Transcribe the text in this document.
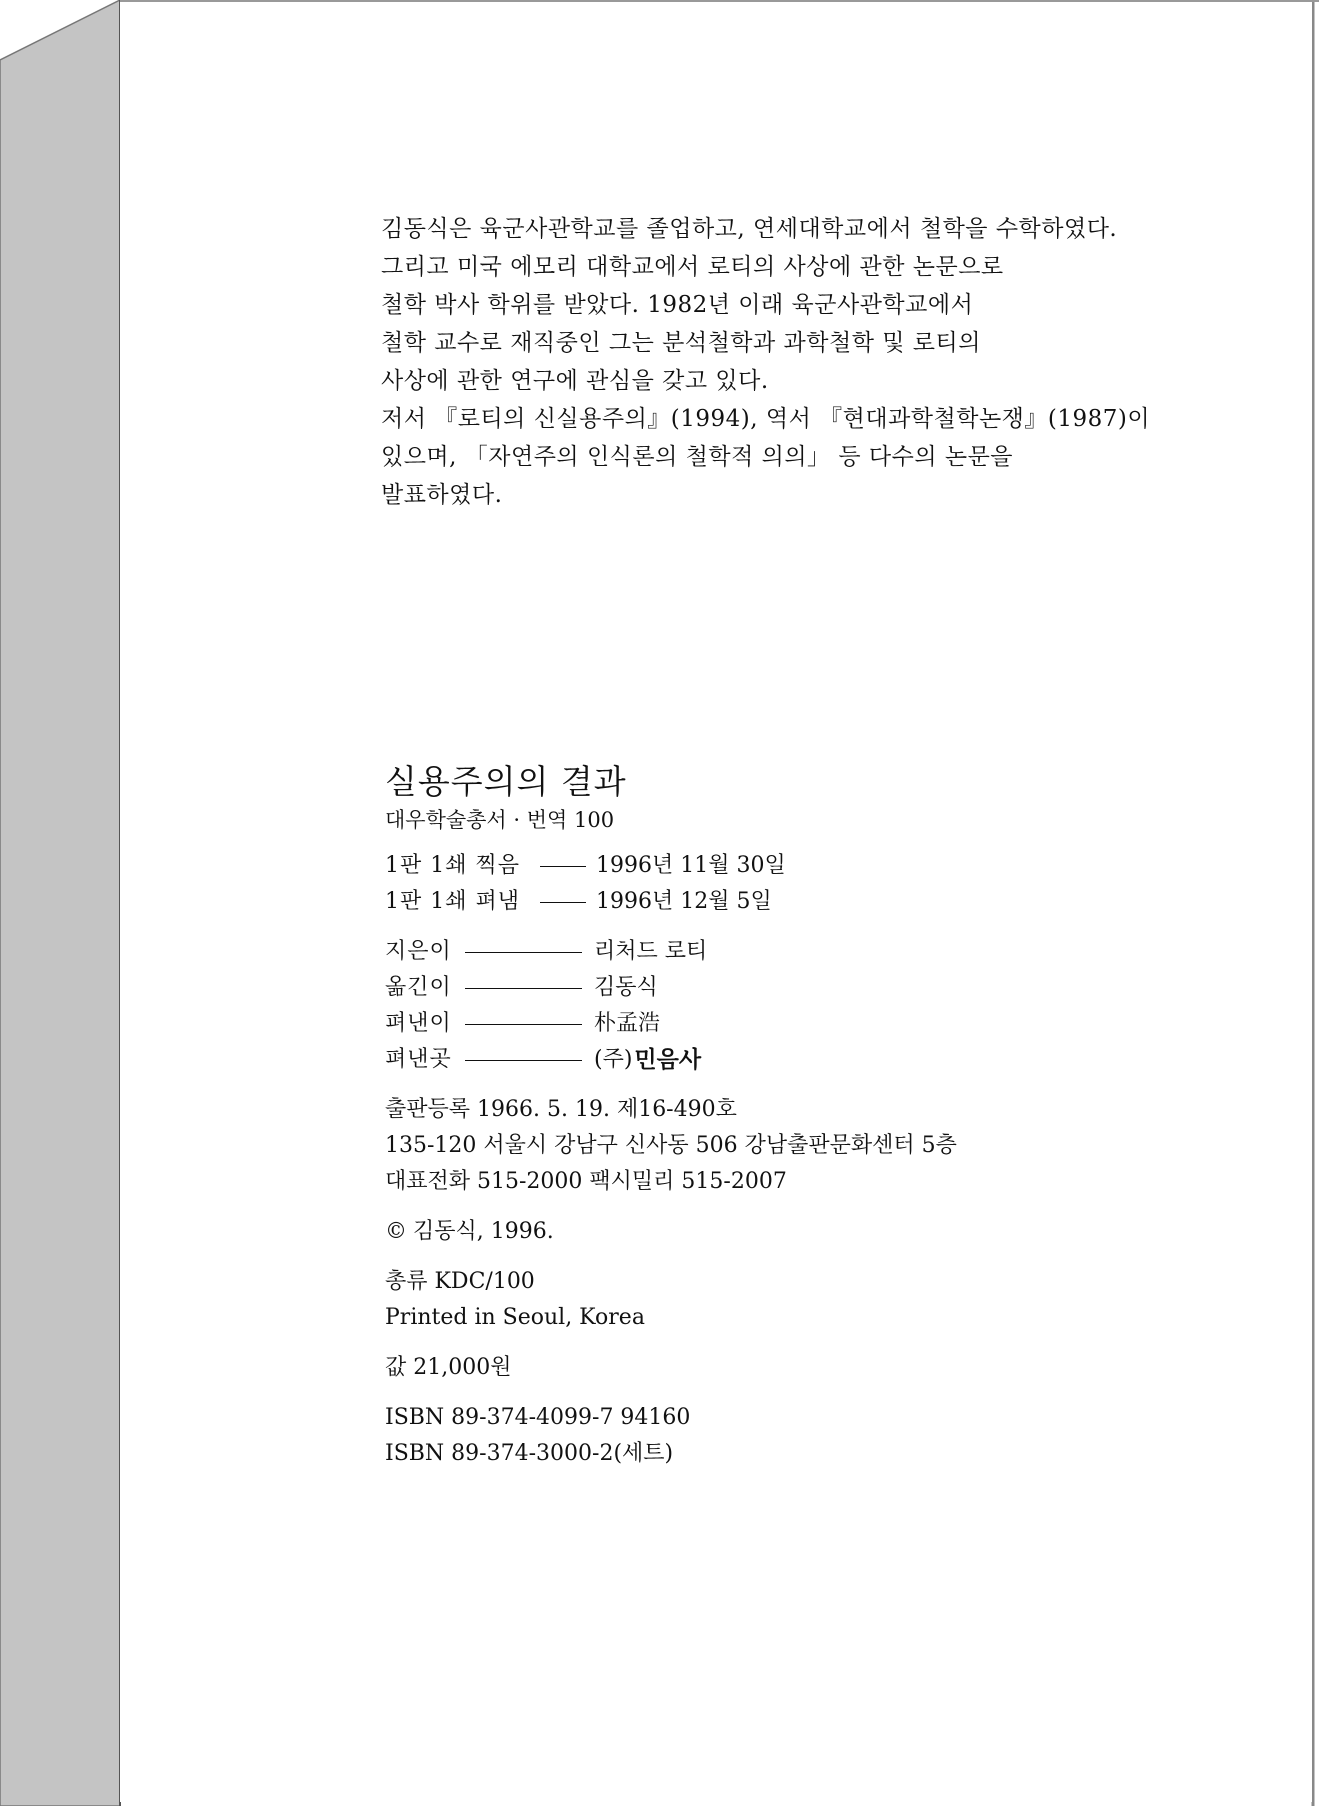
김동식은 육군사관학교를 졸업하고, 연세대학교에서 철학을 수학하였다.
그리고 미국 에모리 대학교에서 로티의 사상에 관한 논문으로
철학 박사 학위를 받았다. 1982년 이래 육군사관학교에서
철학 교수로 재직중인 그는 분석철학과 과학철학 및 로티의
사상에 관한 연구에 관심을 갖고 있다.
저서 『로티의 신실용주의』(1994), 역서 『현대과학철학논쟁』(1987)이
있으며, 「자연주의 인식론의 철학적 의의」 등 다수의 논문을
발표하였다.
실용주의의 결과
대우학술총서 · 번역 100
1판 1쇄 찍음	1996년 11월 30일
1판 1쇄 펴냄	1996년 12월 5일
지은이	리처드 로티
옮긴이	김동식
펴낸이	朴孟浩
펴낸곳	(주) 민음사
출판등록 1966. 5. 19. 제16-490호
135-120 서울시 강남구 신사동 506 강남출판문화센터 5층
대표전화 515-2000 팩시밀리 515-2007
© 김동식, 1996.
총류 KDC/100
Printed in Seoul, Korea
값 21,000원
ISBN 89-374-4099-7 94160
ISBN 89-374-3000-2(세트)
